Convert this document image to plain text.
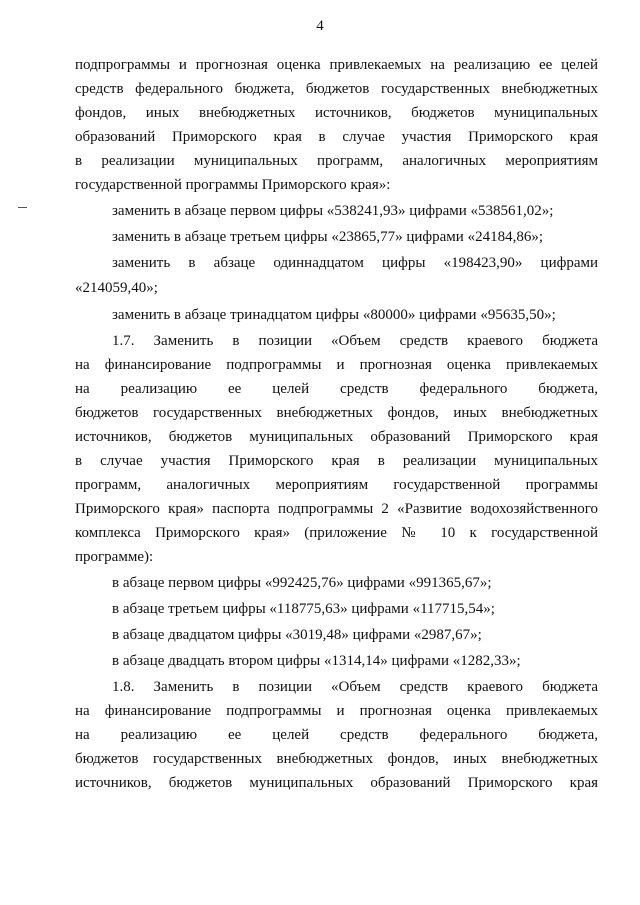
4
подпрограммы и прогнозная оценка привлекаемых на реализацию ее целей
средств федерального бюджета, бюджетов государственных внебюджетных
фондов, иных внебюджетных источников, бюджетов муниципальных
образований Приморского края в случае участия Приморского края
в реализации муниципальных программ, аналогичных мероприятиям
государственной программы Приморского края»:
заменить в абзаце первом цифры «538241,93» цифрами «538561,02»;
заменить в абзаце третьем цифры «23865,77» цифрами «24184,86»;
заменить в абзаце одиннадцатом цифры «198423,90» цифрами
«214059,40»;
заменить в абзаце тринадцатом цифры «80000» цифрами «95635,50»;
1.7. Заменить в позиции «Объем средств краевого бюджета
на финансирование подпрограммы и прогнозная оценка привлекаемых
на реализацию ее целей средств федерального бюджета,
бюджетов государственных внебюджетных фондов, иных внебюджетных
источников, бюджетов муниципальных образований Приморского края
в случае участия Приморского края в реализации муниципальных
программ, аналогичных мероприятиям государственной программы
Приморского края» паспорта подпрограммы 2 «Развитие водохозяйственного
комплекса Приморского края» (приложение № 10 к государственной
программе):
в абзаце первом цифры «992425,76» цифрами «991365,67»;
в абзаце третьем цифры «118775,63» цифрами «117715,54»;
в абзаце двадцатом цифры «3019,48» цифрами «2987,67»;
в абзаце двадцать втором цифры «1314,14» цифрами «1282,33»;
1.8. Заменить в позиции «Объем средств краевого бюджета
на финансирование подпрограммы и прогнозная оценка привлекаемых
на реализацию ее целей средств федерального бюджета,
бюджетов государственных внебюджетных фондов, иных внебюджетных
источников, бюджетов муниципальных образований Приморского края
